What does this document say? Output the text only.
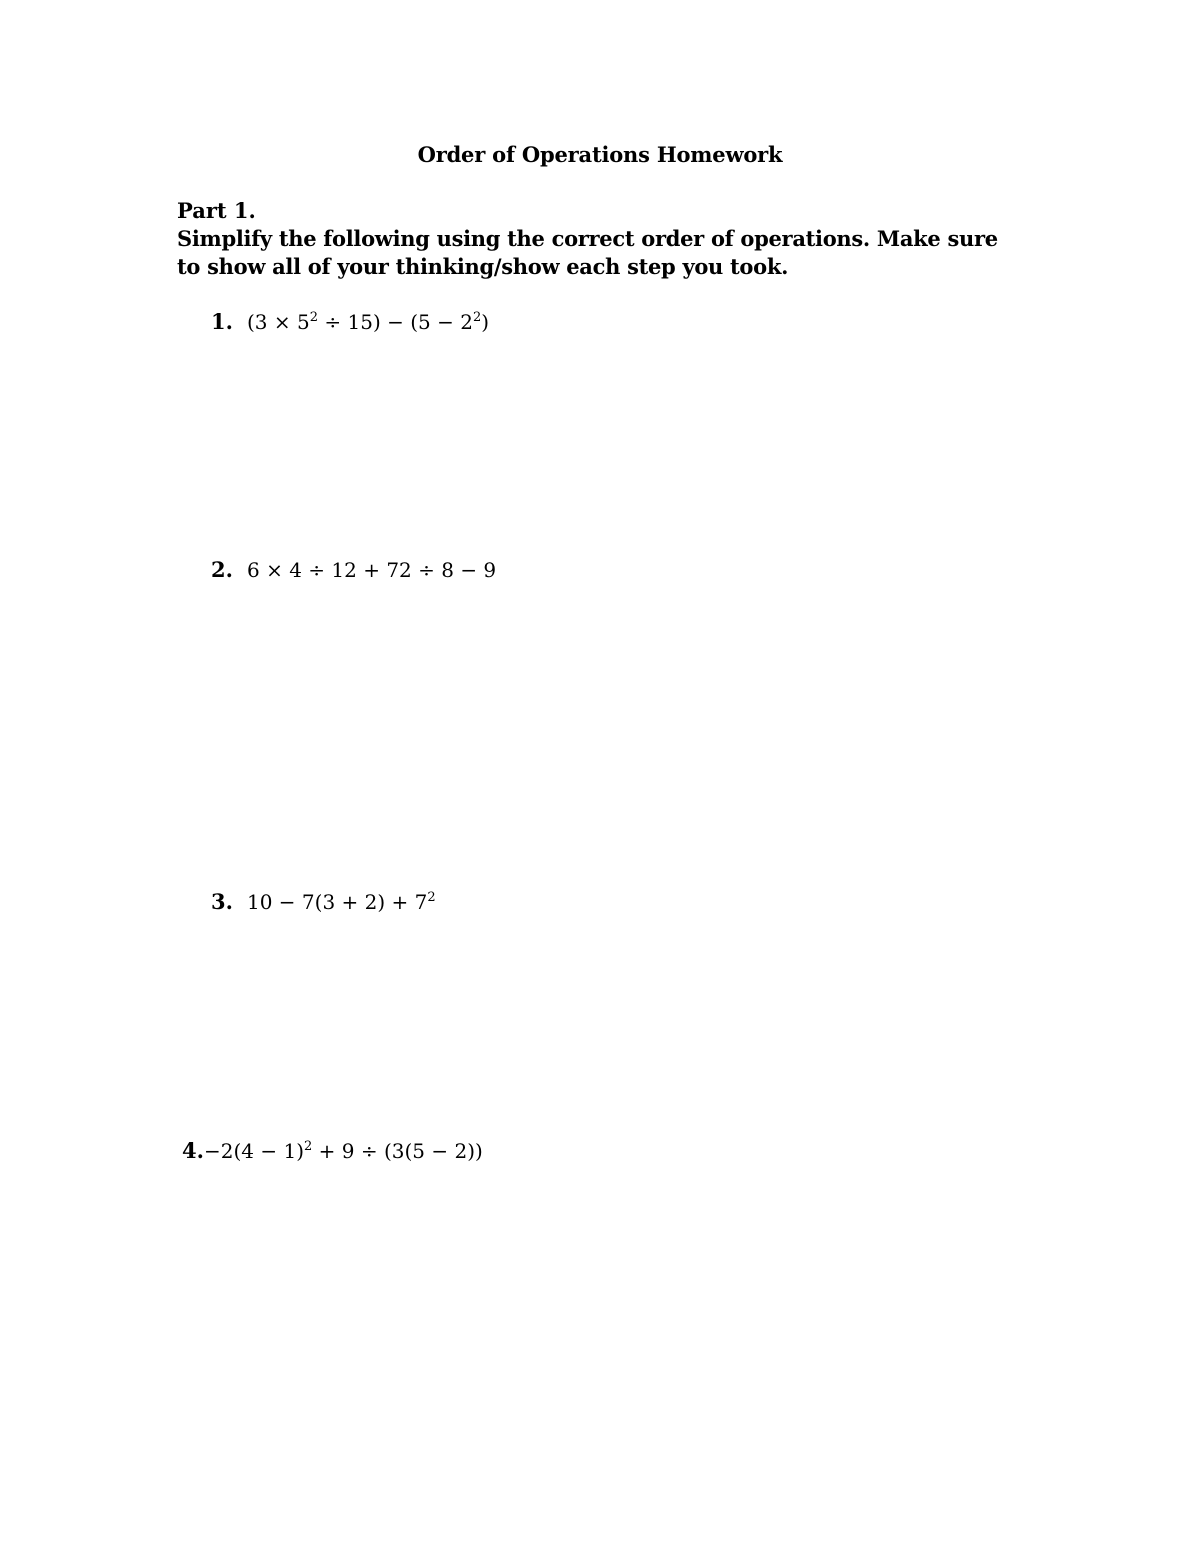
Order of Operations Homework
Part 1.
Simplify the following using the correct order of operations. Make sure to show all of your thinking/show each step you took.
1. $(3 \times 5^2 \div 15) - (5 - 2^2)$
2. 6 × 4 ÷ 12 + 72 ÷ 8 − 9
3. $10 - 7(3 + 2) + 7^2$
$4.-2(4 - 1)^2 + 9 \div (3(5 - 2))$
